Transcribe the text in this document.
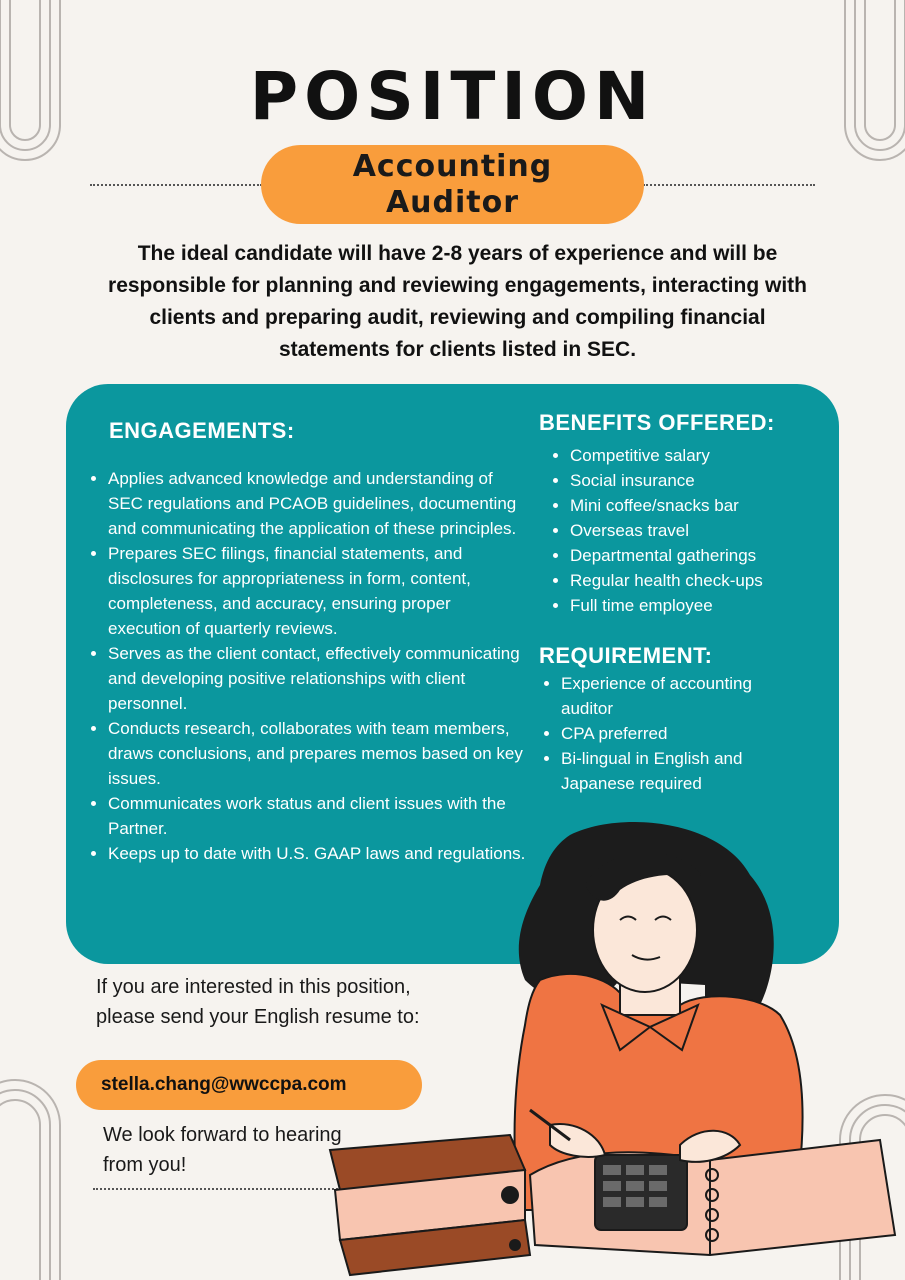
POSITION
Accounting Auditor
The ideal candidate will have 2-8 years of experience and will be responsible for planning and reviewing engagements, interacting with clients and preparing audit, reviewing and compiling financial statements for clients listed in SEC.
ENGAGEMENTS:
• Applies advanced knowledge and understanding of SEC regulations and PCAOB guidelines, documenting and communicating the application of these principles.
• Prepares SEC filings, financial statements, and disclosures for appropriateness in form, content, completeness, and accuracy, ensuring proper execution of quarterly reviews.
• Serves as the client contact, effectively communicating and developing positive relationships with client personnel.
• Conducts research, collaborates with team members, draws conclusions, and prepares memos based on key issues.
• Communicates work status and client issues with the Partner.
• Keeps up to date with U.S. GAAP laws and regulations.
BENEFITS OFFERED:
• Competitive salary
• Social insurance
• Mini coffee/snacks bar
• Overseas travel
• Departmental gatherings
• Regular health check-ups
• Full time employee
REQUIREMENT:
• Experience of accounting auditor
• CPA preferred
• Bi-lingual in English and Japanese required
If you are interested in this position, please send your English resume to:
stella.chang@wwccpa.com
We look forward to hearing from you!
